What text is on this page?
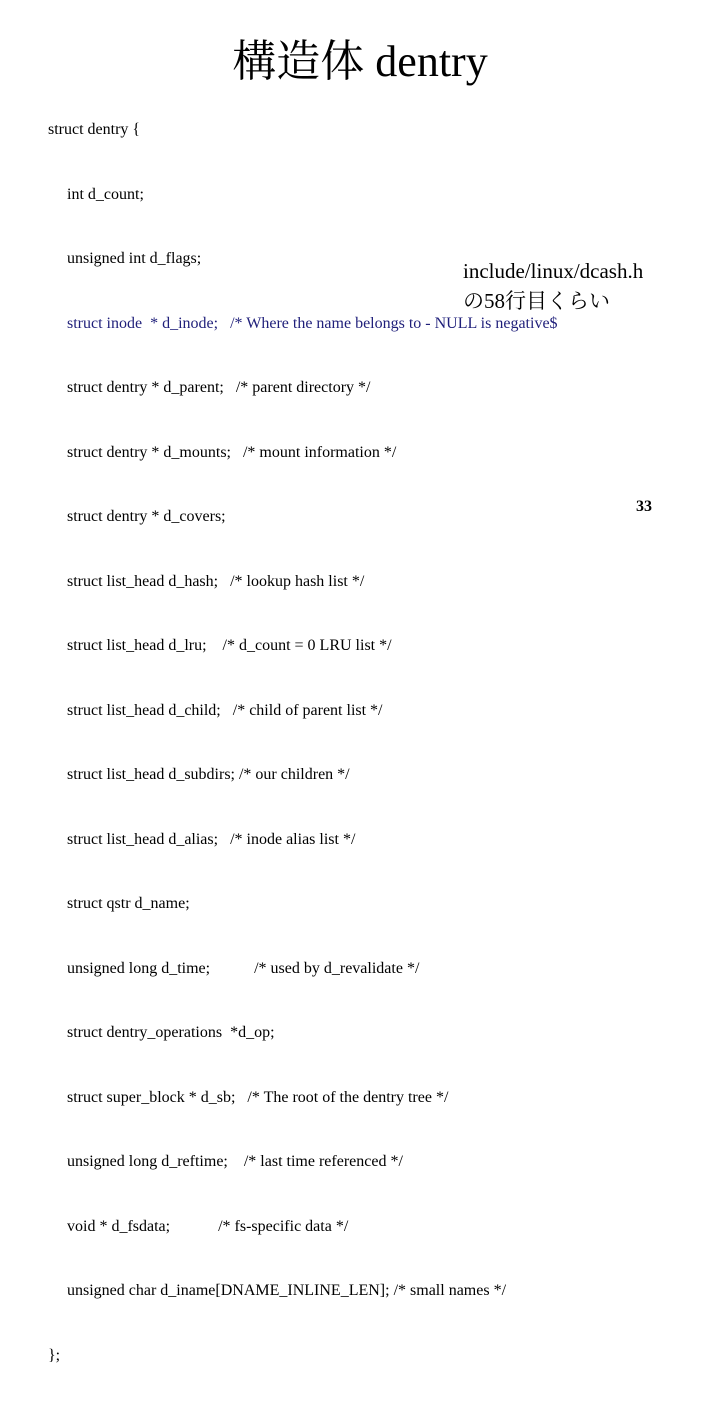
構造体 dentry

struct dentry {

int d_count;

unsigned int d_flags;

struct inode  * d_inode;   /* Where the name belongs to - NULL is negative$

struct dentry * d_parent;   /* parent directory */

struct dentry * d_mounts;   /* mount information */

struct dentry * d_covers;

struct list_head d_hash;   /* lookup hash list */

struct list_head d_lru;    /* d_count = 0 LRU list */

struct list_head d_child;   /* child of parent list */

struct list_head d_subdirs; /* our children */

struct list_head d_alias;   /* inode alias list */

struct qstr d_name;

unsigned long d_time;           /* used by d_revalidate */

struct dentry_operations  *d_op;

struct super_block * d_sb;   /* The root of the dentry tree */

unsigned long d_reftime;    /* last time referenced */

void * d_fsdata;            /* fs-specific data */

unsigned char d_iname[DNAME_INLINE_LEN]; /* small names */

};

include/linux/dcash.h
の58行目くらい
33
